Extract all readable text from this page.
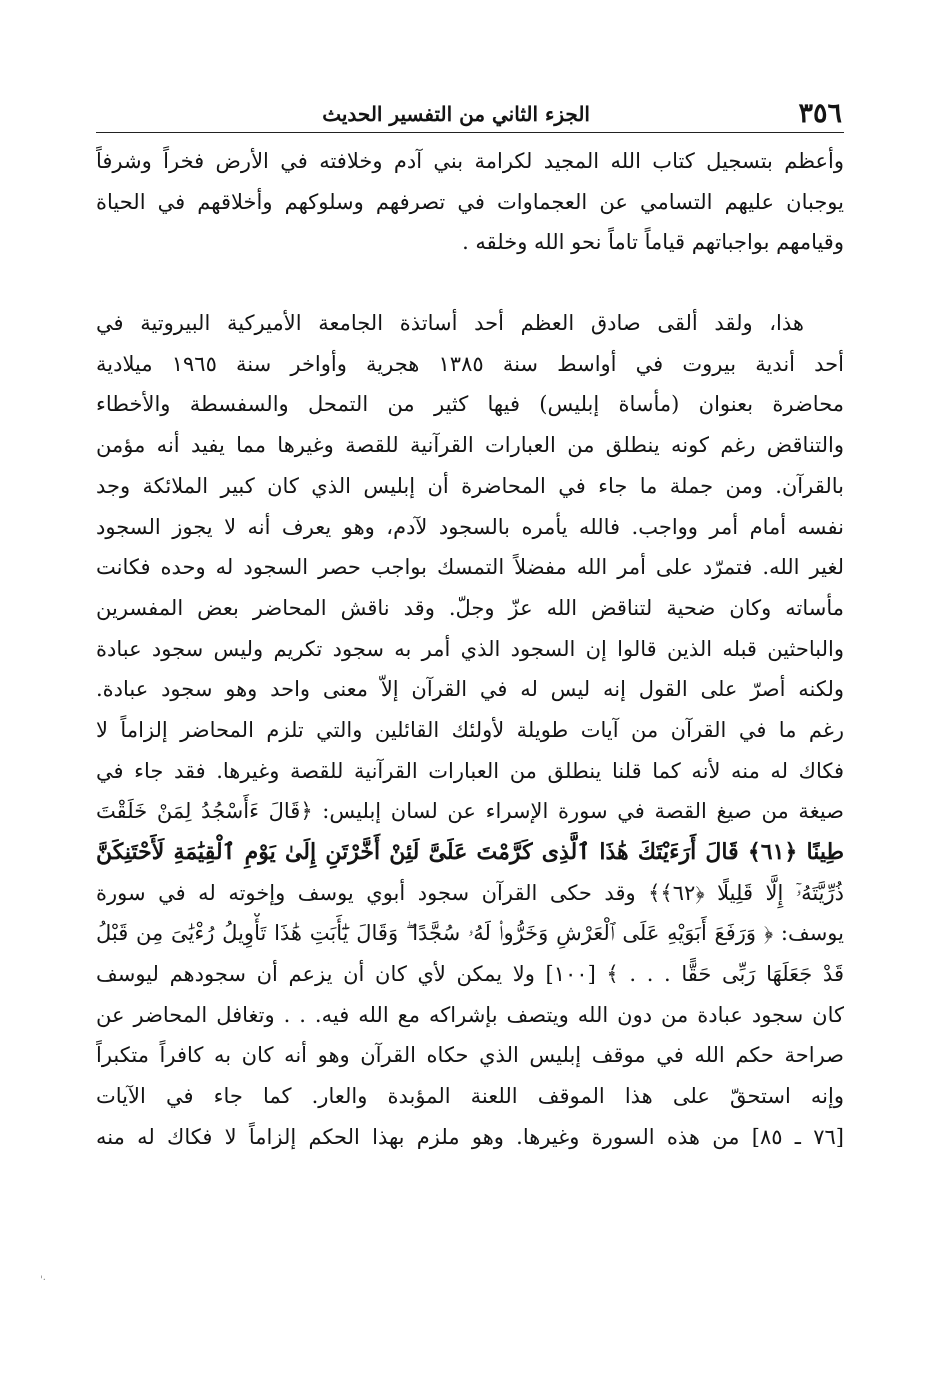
٣٥٦
الجزء الثاني من التفسير الحديث
وأعظم بتسجيل كتاب الله المجيد لكرامة بني آدم وخلافته في الأرض فخراً وشرفاً
يوجبان عليهم التسامي عن العجماوات في تصرفهم وسلوكهم وأخلاقهم في الحياة
وقيامهم بواجباتهم قياماً تاماً نحو الله وخلقه .
هذا، ولقد ألقى صادق العظم أحد أساتذة الجامعة الأميركية البيروتية في
أحد أندية بيروت في أواسط سنة ١٣٨٥ هجرية وأواخر سنة ١٩٦٥ ميلادية
محاضرة بعنوان (مأساة إبليس) فيها كثير من التمحل والسفسطة والأخطاء
والتناقض رغم كونه ينطلق من العبارات القرآنية للقصة وغيرها مما يفيد أنه مؤمن
بالقرآن. ومن جملة ما جاء في المحاضرة أن إبليس الذي كان كبير الملائكة وجد
نفسه أمام أمر وواجب. فالله يأمره بالسجود لآدم، وهو يعرف أنه لا يجوز السجود
لغير الله. فتمرّد على أمر الله مفضلاً التمسك بواجب حصر السجود له وحده فكانت
مأساته وكان ضحية لتناقض الله عزّ وجلّ. وقد ناقش المحاضر بعض المفسرين
والباحثين قبله الذين قالوا إن السجود الذي أمر به سجود تكريم وليس سجود عبادة
ولكنه أصرّ على القول إنه ليس له في القرآن إلاّ معنى واحد وهو سجود عبادة.
رغم ما في القرآن من آيات طويلة لأولئك القائلين والتي تلزم المحاضر إلزاماً لا
فكاك له منه لأنه كما قلنا ينطلق من العبارات القرآنية للقصة وغيرها. فقد جاء في
صيغة من صيغ القصة في سورة الإسراء عن لسان إبليس: ﴿قَالَ ءَأَسْجُدُ لِمَنْ خَلَقْتَ
طِينًا ﴿٦١﴾ قَالَ أَرَءَيْتَكَ هَٰذَا ٱلَّذِى كَرَّمْتَ عَلَىَّ لَئِنْ أَخَّرْتَنِ إِلَىٰ يَوْمِ ٱلْقِيَٰمَةِ لَأَحْتَنِكَنَّ
ذُرِّيَّتَهُۥٓ إِلَّا قَلِيلًا ﴿٦٢﴾﴾ وقد حكى القرآن سجود أبوي يوسف وإخوته له في سورة
يوسف: ﴿ وَرَفَعَ أَبَوَيْهِ عَلَى ٱلْعَرْشِ وَخَرُّوا۟ لَهُۥ سُجَّدًا ۖ وَقَالَ يَٰٓأَبَتِ هَٰذَا تَأْوِيلُ رُءْيَٰىَ مِن قَبْلُ
قَدْ جَعَلَهَا رَبِّى حَقًّا . . . ﴾ [١٠٠] ولا يمكن لأي كان أن يزعم أن سجودهم ليوسف
كان سجود عبادة من دون الله ويتصف بإشراكه مع الله فيه. . . وتغافل المحاضر عن
صراحة حكم الله في موقف إبليس الذي حكاه القرآن وهو أنه كان به كافراً متكبراً
وإنه استحقّ على هذا الموقف اللعنة المؤبدة والعار. كما جاء في الآيات
[٧٦ ـ ٨٥] من هذه السورة وغيرها. وهو ملزم بهذا الحكم إلزاماً لا فكاك له منه
·'
